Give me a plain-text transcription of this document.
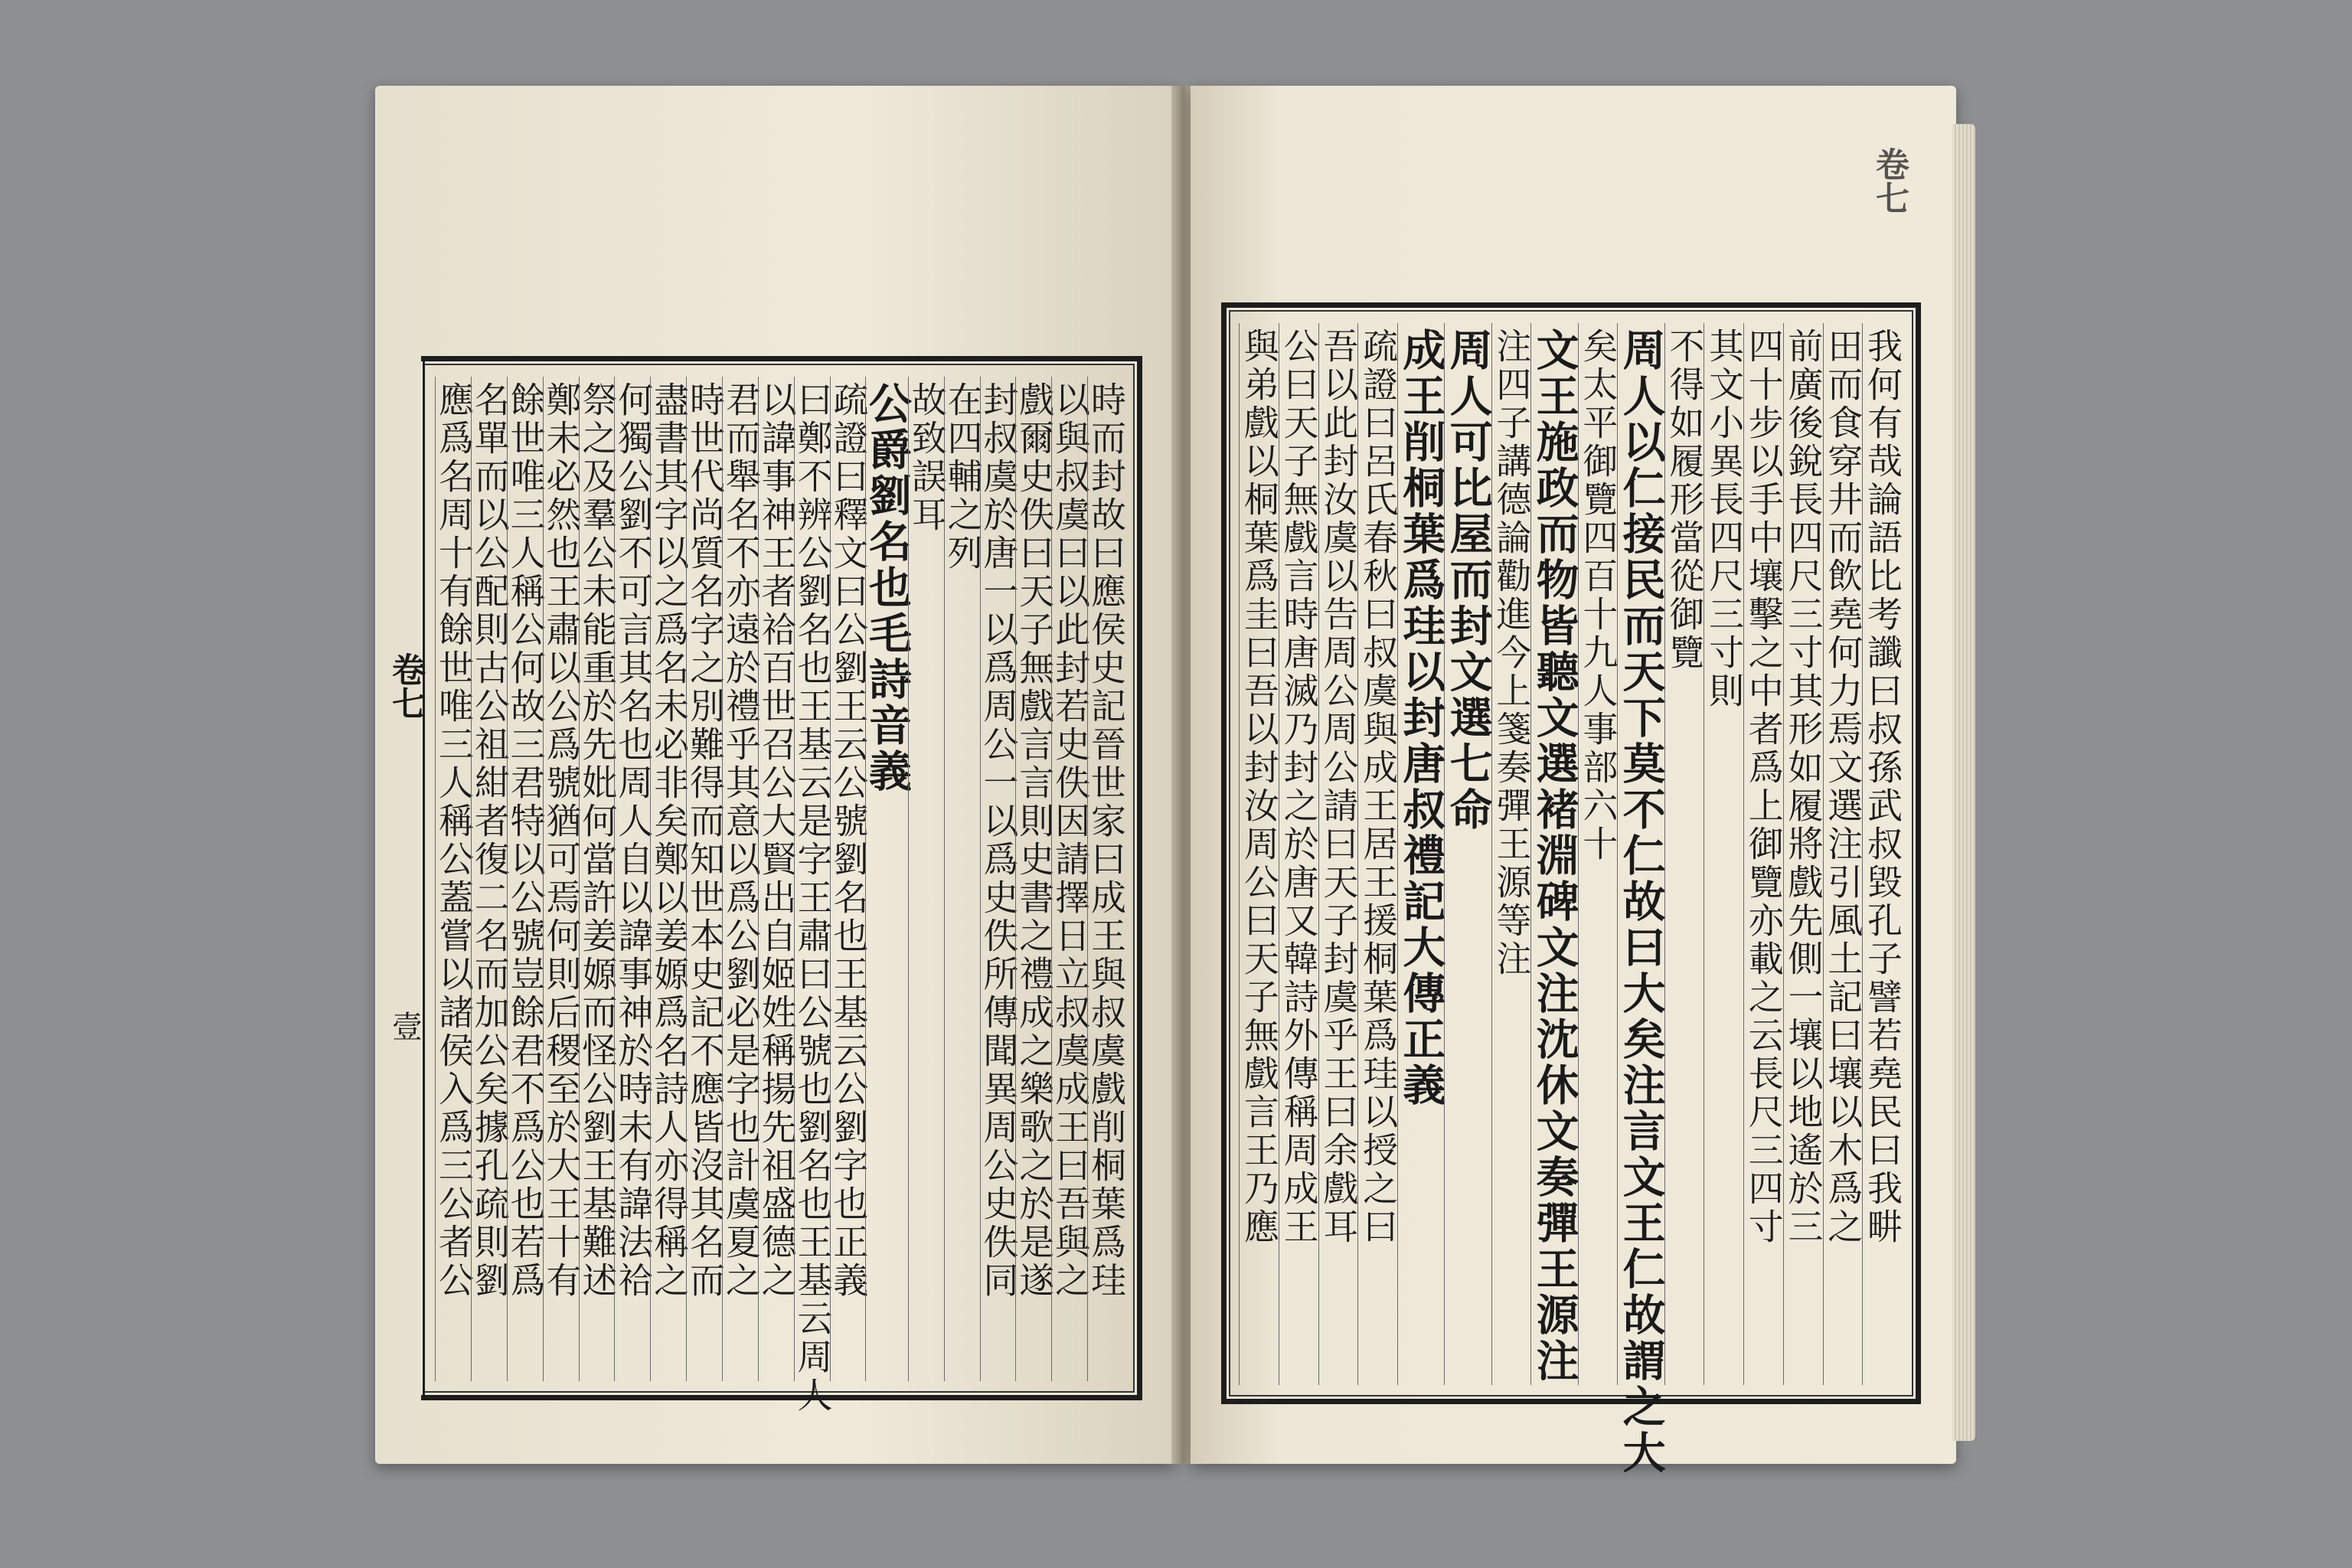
卷七
壹	時而封故曰應侯史記晉世家曰成王與叔虞戲削桐葉爲珪
以與叔虞曰以此封若史佚因請擇日立叔虞成王曰吾與之
戲爾史佚曰天子無戲言言則史書之禮成之樂歌之於是遂
封叔虞於唐一以爲周公一以爲史佚所傳聞異周公史佚同
在四輔之列
故致誤耳
公爵劉名也毛詩音義
疏證曰釋文曰公劉王云公號劉名也王基云公劉字也正義
曰鄭不辨公劉名也王基云是字王肅曰公號也劉名也王基云周人
以諱事神王者祫百世召公大賢出自姬姓稱揚先祖盛德之
君而舉名不亦遠於禮乎其意以爲公劉必是字也計虞夏之
時世代尚質名字之別難得而知世本史記不應皆沒其名而
盡書其字以之爲名未必非矣鄭以姜嫄爲名詩人亦得稱之
何獨公劉不可言其名也周人自以諱事神於時未有諱法祫
祭之及羣公未能重於先妣何當許姜嫄而怪公劉王基難述
鄭未必然也王肅以公爲號猶可焉何則后稷至於大王十有
餘世唯三人稱公何故三君特以公號豈餘君不爲公也若爲
名單而以公配則古公祖紺者復二名而加公矣據孔疏則劉
應爲名周十有餘世唯三人稱公蓋嘗以諸侯入爲三公者公
卷七
我何有哉論語比考讖曰叔孫武叔毀孔子譬若堯民曰我畊
田而食穿井而飲堯何力焉文選注引風土記曰壤以木爲之
前廣後銳長四尺三寸其形如履將戲先側一壤以地遙於三
四十步以手中壤擊之中者爲上御覽亦載之云長尺三四寸
其文小異長四尺三寸則
不得如履形當從御覽
周人以仁接民而天下莫不仁故曰大矣注言文王仁故謂之大
矣太平御覽四百十九人事部六十
文王施政而物皆聽文選褚淵碑文注沈休文奏彈王源注
注四子講德論勸進今上箋奏彈王源等注
周人可比屋而封文選七命
成王削桐葉爲珪以封唐叔禮記大傳正義
疏證曰呂氏春秋曰叔虞與成王居王援桐葉爲珪以授之曰
吾以此封汝虞以告周公周公請曰天子封虞乎王曰余戲耳
公曰天子無戲言時唐滅乃封之於唐又韓詩外傳稱周成王
與弟戲以桐葉爲圭曰吾以封汝周公曰天子無戲言王乃應
